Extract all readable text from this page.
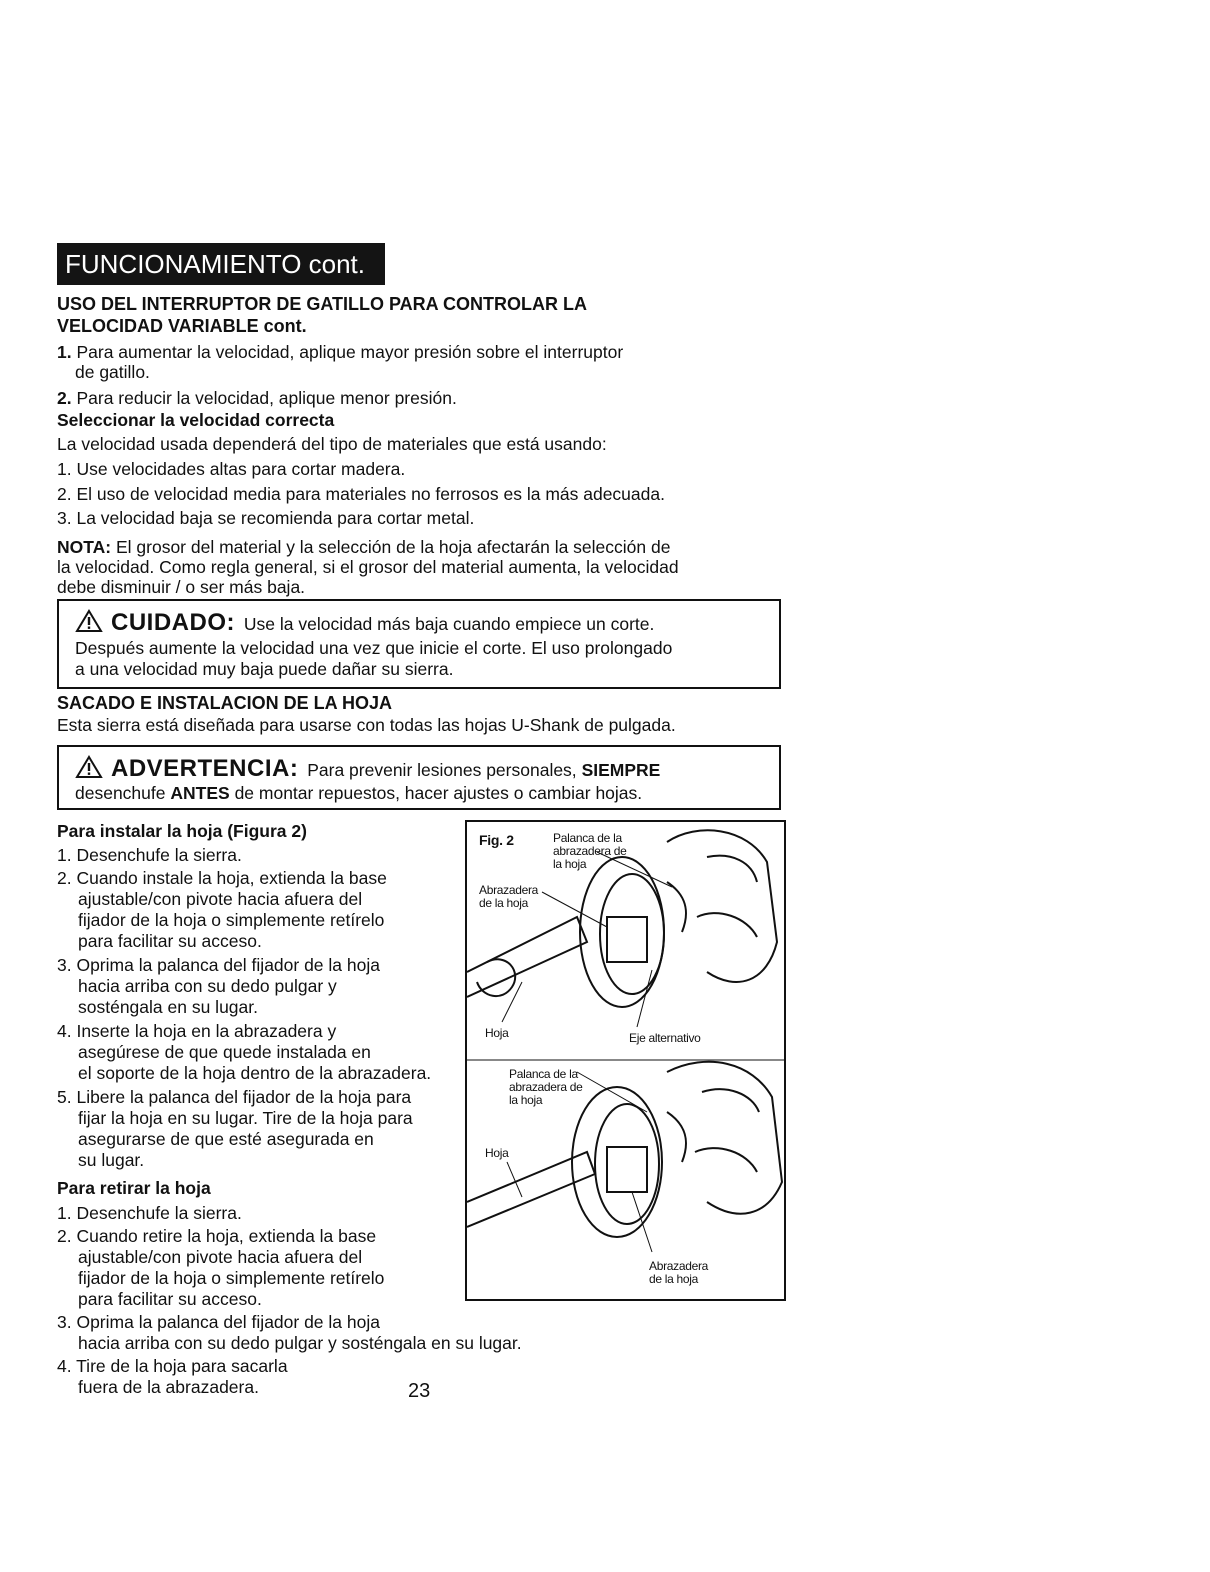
FUNCIONAMIENTO cont.
USO DEL INTERRUPTOR DE GATILLO PARA CONTROLAR LA
VELOCIDAD VARIABLE cont.
1. Para aumentar la velocidad, aplique mayor presión sobre el interruptor
de gatillo.
2. Para reducir la velocidad, aplique menor presión.
Seleccionar la velocidad correcta
La velocidad usada dependerá del tipo de materiales que está usando:
1. Use velocidades altas para cortar madera.
2. El uso de velocidad media para materiales no ferrosos es la más adecuada.
3. La velocidad baja se recomienda para cortar metal.
NOTA: El grosor del material y la selección de la hoja afectarán la selección de
la velocidad. Como regla general, si el grosor del material aumenta, la velocidad
debe disminuir / o ser más baja.
CUIDADO: Use la velocidad más baja cuando empiece un corte.
Después aumente la velocidad una vez que inicie el corte. El uso prolongado
a una velocidad muy baja puede dañar su sierra.
SACADO E INSTALACION DE LA HOJA
Esta sierra está diseñada para usarse con todas las hojas U-Shank de pulgada.
ADVERTENCIA: Para prevenir lesiones personales, SIEMPRE
desenchufe ANTES de montar repuestos, hacer ajustes o cambiar hojas.
Para instalar la hoja (Figura 2)
1. Desenchufe la sierra.
2. Cuando instale la hoja, extienda la base
ajustable/con pivote hacia afuera del
fijador de la hoja o simplemente retírelo
para facilitar su acceso.
3. Oprima la palanca del fijador de la hoja
hacia arriba con su dedo pulgar y
sosténgala en su lugar.
4. Inserte la hoja en la abrazadera y
asegúrese de que quede instalada en
el soporte de la hoja dentro de la abrazadera.
5. Libere la palanca del fijador de la hoja para
fijar la hoja en su lugar. Tire de la hoja para
asegurarse de que esté asegurada en
su lugar.
Para retirar la hoja
1. Desenchufe la sierra.
2. Cuando retire la hoja, extienda la base
ajustable/con pivote hacia afuera del
fijador de la hoja o simplemente retírelo
para facilitar su acceso.
3. Oprima la palanca del fijador de la hoja
hacia arriba con su dedo pulgar y sosténgala en su lugar.
4. Tire de la hoja para sacarla
fuera de la abrazadera.
Fig. 2	Palanca de la
abrazadera de
la hoja
Abrazadera
de la hoja
Hoja	Eje alternativo
Palanca de la
abrazadera de
la hoja
Hoja
Abrazadera
de la hoja
23
